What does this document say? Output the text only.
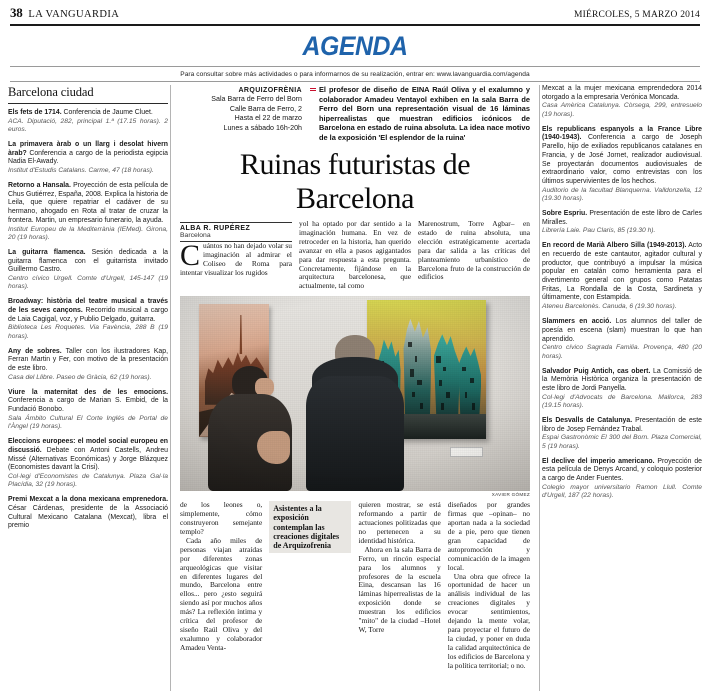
38 LA VANGUARDIA	MIÉRCOLES, 5 MARZO 2014
AGENDA
Para consultar sobre más actividades o para informarnos de su realización, entrar en: www.lavanguardia.com/agenda
Barcelona ciudad

Els fets de 1714. Conferencia de Jaume Cluet.

ACA. Diputació, 282, principal 1.ª (17.15 horas). 2 euros.

La primavera àrab o un llarg i desolat hivern àrab? Conferencia a cargo de la periodista egipcia Nadia El-Awady.

Institut d'Estudis Catalans. Carme, 47 (18 horas).

Retorno a Hansala. Proyección de esta película de Chus Gutiérrez, España, 2008. Explica la historia de Leila, que quiere repatriar el cadáver de su hermano, ahogado en Rota al tratar de cruzar la frontera. Martin, un empresario funerario, la ayuda.

Institut Europeu de la Mediterrània (IEMed). Girona, 20 (19 horas).

La guitarra flamenca. Sesión dedicada a la guitarra flamenca con el guitarrista invitado Guillermo Castro.

Centro cívico Urgell. Comte d'Urgell, 145-147 (19 horas).

Broadway: història del teatre musical a través de les seves cançons. Recorrido musical a cargo de Laia Cagigal, voz, y Publio Delgado, guitarra.

Biblioteca Les Roquetes. Via Favència, 288 B (19 horas).

Any de sobres. Taller con los ilustradores Kap, Ferran Martin y Fer, con motivo de la presentación de este libro.

Casa del Llibre. Paseo de Gràcia, 62 (19 horas).

Viure la maternitat des de les emocions. Conferencia a cargo de Marian S. Embid, de la Fundació Bonobo.

Sala Ámbito Cultural El Corte Inglés de Portal de l'Àngel (19 horas).

Eleccions europees: el model social europeu en discussió. Debate con Antoni Castells, Andreu Missé (Alternativas Económicas) y Jorge Blázquez (Economistes davant la Crisi).

Col·legi d'Economistes de Catalunya. Plaza Gal·la Placídia, 32 (19 horas).

Premi Mexcat a la dona mexicana emprenedora. César Cárdenas, presidente de la Associació Cultural Mexicano Catalana (Mexcat), libra el premio

ARQUIZOFRÈNIA
Sala Barra de Ferro del Born
Calle Barra de Ferro, 2
Hasta el 22 de marzo
Lunes a sábado 16h-20h
El profesor de diseño de EINA Raúl Oliva y el exalumno y colaborador Amadeu Ventayol exhiben en la sala Barra de Ferro del Born una representación visual de 16 láminas hiperrealistas que muestran edificios icónicos de Barcelona en estado de ruina absoluta. La idea nace motivo de la exposición 'El esplendor de la ruina'
Ruinas futuristas de Barcelona
ALBA R. RUPÉREZ
Barcelona

Cuántos no han dejado volar su imaginación al admirar el Coliseo de Roma para intentar visualizar los rugidos

yol ha optado por dar sentido a la imaginación humana. En vez de retroceder en la historia, han querido avanzar en ella a pasos agigantados para dar respuesta a esta pregunta. Concretamente, fijándose en la arquitectura barcelonesa, que actualmente, tal como

Marenostrum, Torre Agbar– en estado de ruina absoluta, una elección estratégicamente acertada para dar salida a las críticas del planteamiento urbanístico de Barcelona fruto de la construcción de edificios

XAVIER GÓMEZ

de los leones o, simplemente, cómo construyeron semejante templo?

Cada año miles de personas viajan atraídas por diferentes zonas arqueológicas que visitar en diferentes lugares del mundo, Barcelona entre ellos... pero ¿esto seguirá siendo así por muchos años más? La reflexión íntima y crítica del profesor de siseño Raúl Oliva y del exalumno y colaborador Amadeu Venta-

Asistentes a la exposición contemplan las creaciones digitales de Arquizofrenia

quieren mostrar, se está reformando a partir de actuaciones politizadas que no pertenecen a su identidad histórica.

Ahora en la sala Barra de Ferro, un rincón especial para los alumnos y profesores de la escuela Eina, descansan las 16 láminas hiperrealistas de la exposición donde se muestran los edificios "mito" de la ciudad –Hotel W, Torre

diseñados por grandes firmas que –opinan– no aportan nada a la sociedad de a pie, pero que tienen gran capacidad de autopromoción y comunicación de la imagen local.

Una obra que ofrece la oportunidad de hacer un análisis individual de las creaciones digitales y evocar sentimientos, dejando la mente volar, para proyectar el futuro de la ciudad, y poner en duda la calidad arquitectónica de los edificios de Barcelona y la política territorial; o no.

Mexcat a la mujer mexicana emprendedora 2014 otorgado a la empresaria Verónica Moncada.

Casa Amèrica Catalunya. Còrsega, 299, entresuelo (19 horas).

Els republicans espanyols a la France Libre (1940-1943). Conferencia a cargo de Joseph Parello, hijo de exiliados republicanos catalanes en Francia, y de José Jornet, realizador audiovisual. Se proyectarán documentos audiovisuales de extraordinario valor, como entrevistas con los últimos supervivientes de los hechos.

Auditorio de la facultad Blanquerna. Valldonzella, 12 (19.30 horas).

Sobre Espriu. Presentación de este libro de Carles Miralles.

Librería Laie. Pau Claris, 85 (19.30 h).

En record de Marià Albero Silla (1949-2013). Acto en recuerdo de este cantautor, agitador cultural y productor, que contribuyó a impulsar la música popular en catalán como herramienta para el divertimento general con grupos como Patatas Fritas, La Rondalla de la Costa, Sardineta y últimamente, con Estampida.

Ateneu Barcelonès. Canuda, 6 (19.30 horas).

Slammers en acció. Los alumnos del taller de poesía en escena (slam) muestran lo que han aprendido.

Centro cívico Sagrada Familia. Provença, 480 (20 horas).

Salvador Puig Antich, cas obert. La Comissió de la Memòria Històrica organiza la presentación de este libro de Jordi Panyella.

Col·legi d'Advocats de Barcelona. Mallorca, 283 (19.15 horas).

Els Desvalls de Catalunya. Presentación de este libro de Josep Fernández Trabal.

Espai Gastronòmic El 300 del Born. Plaza Comercial, 5 (19 horas).

El declive del imperio americano. Proyección de esta película de Denys Arcand, y coloquio posterior a cargo de Ander Fuentes.

Colegio mayor universitario Ramon Llull. Comte d'Urgell, 187 (22 horas).
